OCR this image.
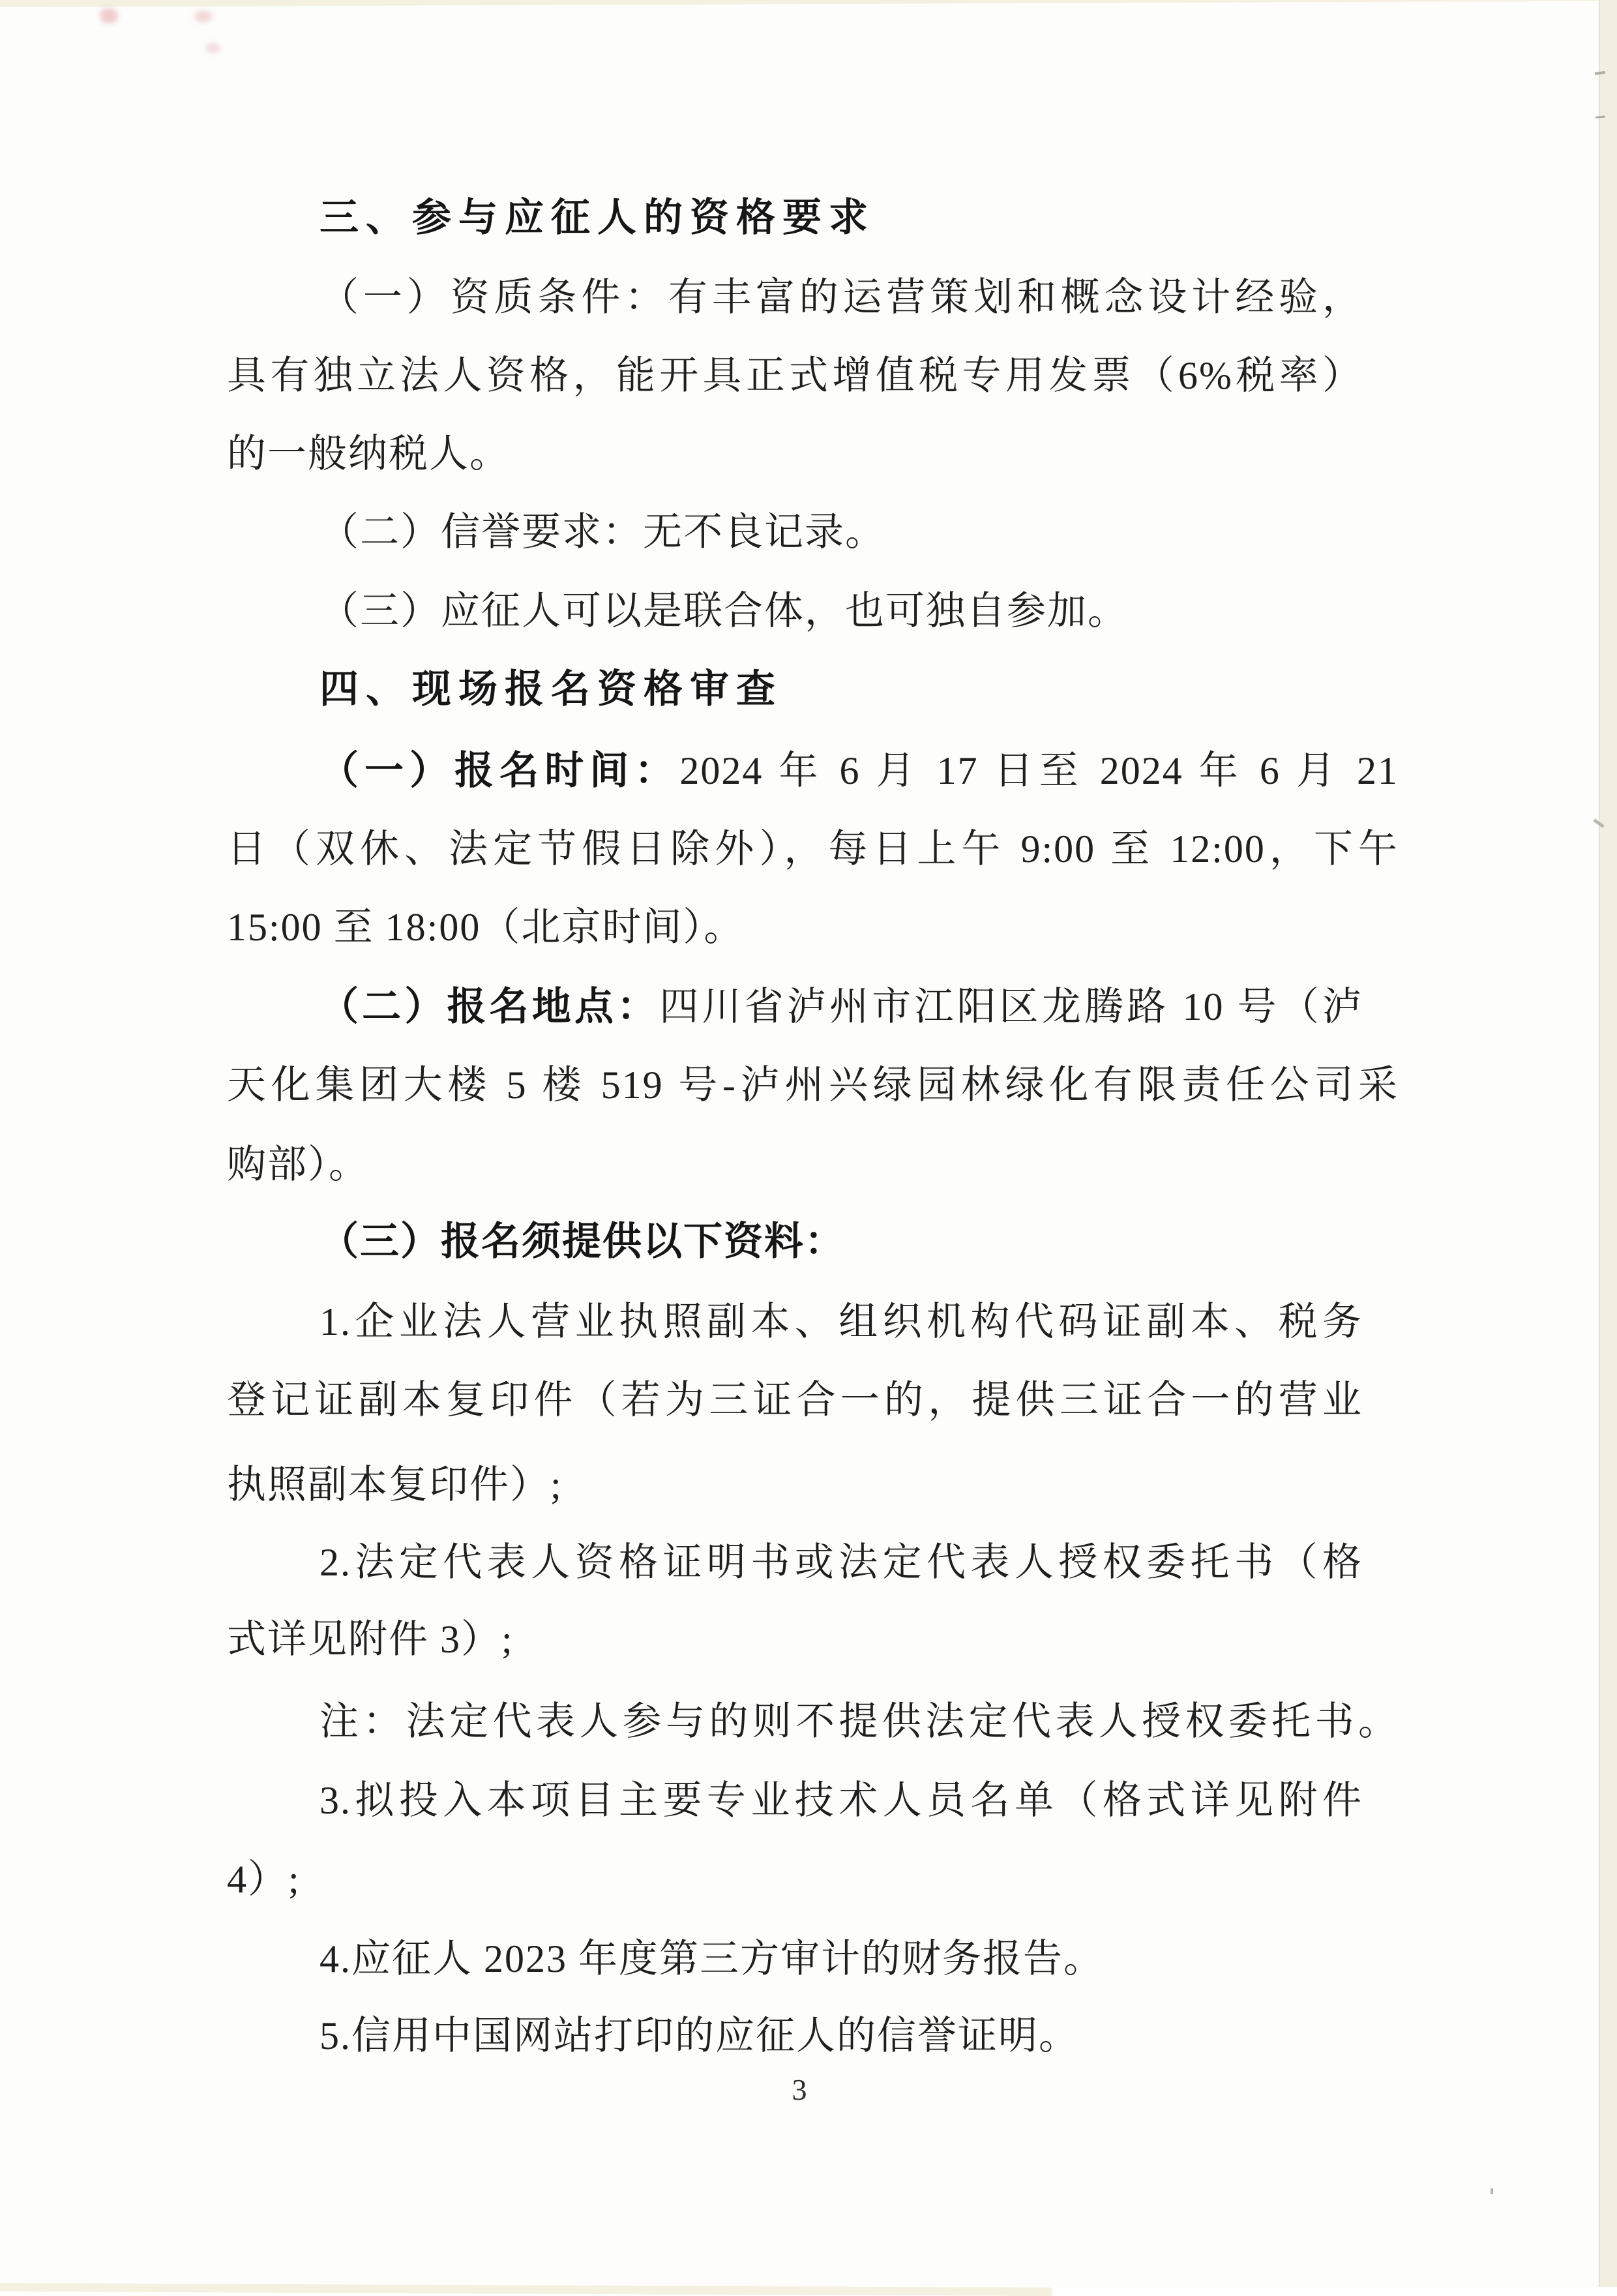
三、参与应征人的资格要求
（一）资质条件：有丰富的运营策划和概念设计经验，
具有独立法人资格，能开具正式增值税专用发票（6%税率）
的一般纳税人。
（二）信誉要求：无不良记录。
（三）应征人可以是联合体，也可独自参加。
四、现场报名资格审查
（一）报名时间：2024 年 6 月 17 日至 2024 年 6 月 21
日（双休、法定节假日除外），每日上午 9:00 至 12:00，下午
15:00 至 18:00（北京时间）。
（二）报名地点：四川省泸州市江阳区龙腾路 10 号（泸
天化集团大楼 5 楼 519 号-泸州兴绿园林绿化有限责任公司采
购部）。
（三）报名须提供以下资料：
1.企业法人营业执照副本、组织机构代码证副本、税务
登记证副本复印件（若为三证合一的，提供三证合一的营业
执照副本复印件）;
2.法定代表人资格证明书或法定代表人授权委托书（格
式详见附件 3）;
注：法定代表人参与的则不提供法定代表人授权委托书。
3.拟投入本项目主要专业技术人员名单（格式详见附件
4）;
4.应征人 2023 年度第三方审计的财务报告。
5.信用中国网站打印的应征人的信誉证明。
3
